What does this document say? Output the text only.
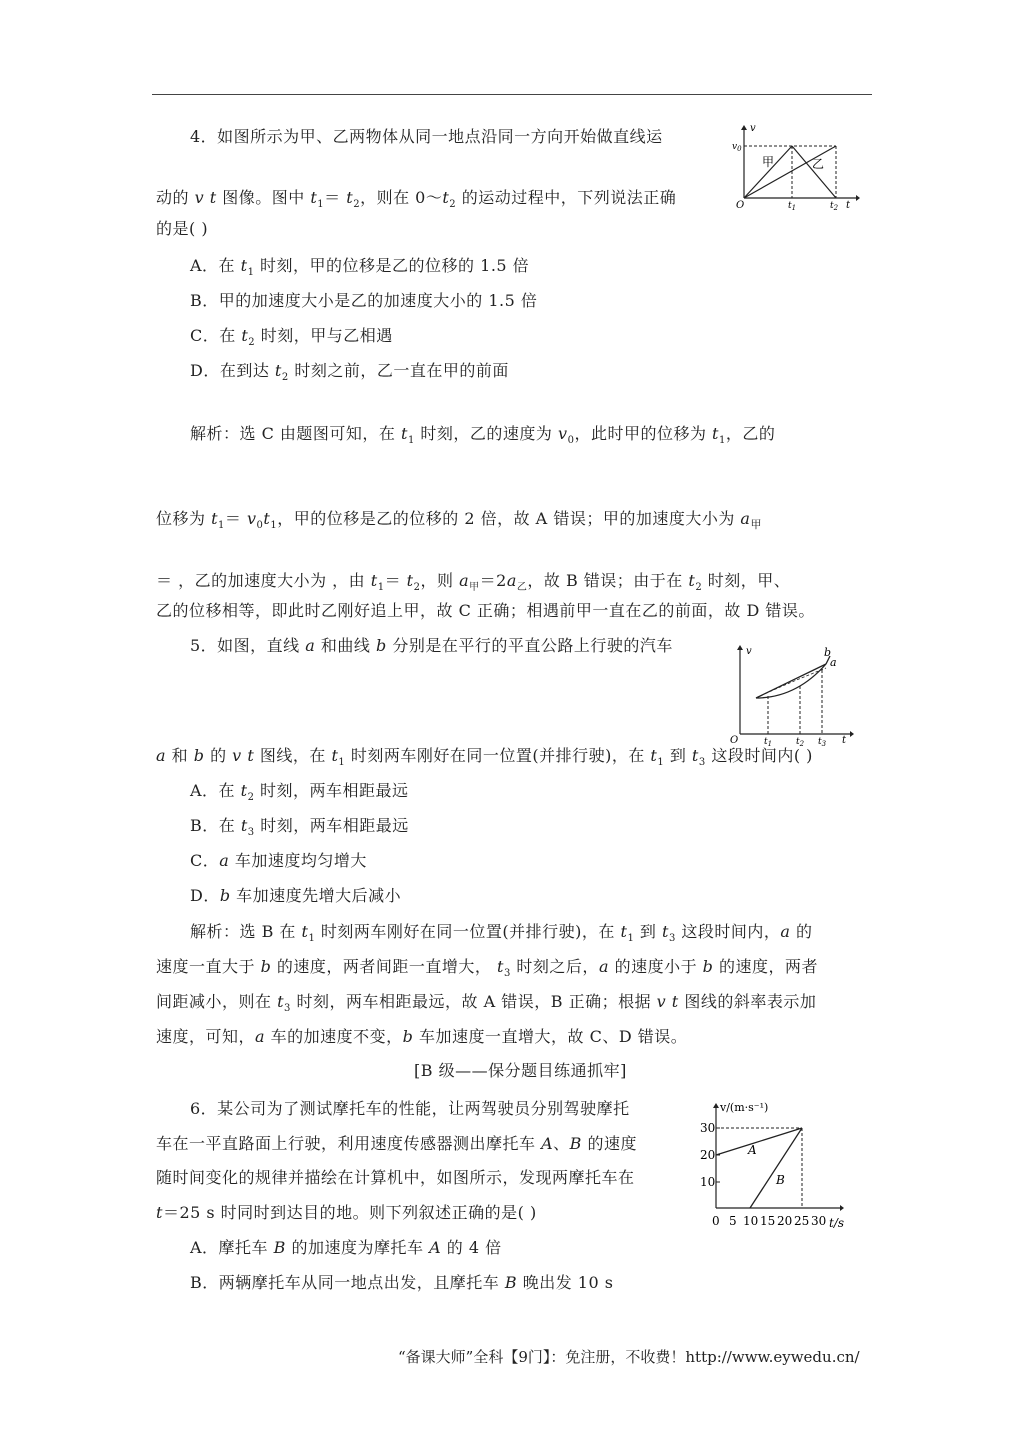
4．如图所示为甲、乙两物体从同一地点沿同一方向开始做直线运
动的 v t 图像。图中 $t_1= t_2$，则在 $0\sim t_2$ 的运动过程中，下列说法正确
的是( )
A．在 $t_1$ 时刻，甲的位移是乙的位移的 1.5 倍
B．甲的加速度大小是乙的加速度大小的 1.5 倍
C．在 $t_2$ 时刻，甲与乙相遇
D．在到达 $t_2$ 时刻之前，乙一直在甲的前面
解析：选 C 由题图可知，在 $t_1$ 时刻，乙的速度为 $v_0$，此时甲的位移为 $t_1$，乙的
位移为 $t_1= v_0t_1$，甲的位移是乙的位移的 2 倍，故 A 错误；甲的加速度大小为 $a_甲$
＝ ，乙的加速度大小为 ，由 $t_1= t_2$，则 $a_甲=2a_乙$，故 B 错误；由于在 $t_2$ 时刻，甲、
乙的位移相等，即此时乙刚好追上甲，故 C 正确；相遇前甲一直在乙的前面，故 D 错误。
v
$v_0$
甲	乙
O	$t_1$	$t_2$ t
5．如图，直线 a 和曲线 b 分别是在平行的平直公路上行驶的汽车
a 和 b 的 v t 图线，在 $t_1$ 时刻两车刚好在同一位置(并排行驶)，在 $t_1$ 到 $t_3$ 这段时间内( )
A．在 $t_2$ 时刻，两车相距最远
B．在 $t_3$ 时刻，两车相距最远
C．a 车加速度均匀增大
D．b 车加速度先增大后减小
解析：选 B 在 $t_1$ 时刻两车刚好在同一位置(并排行驶)，在 $t_1$ 到 $t_3$ 这段时间内，a 的
速度一直大于 b 的速度，两者间距一直增大， $t_3$ 时刻之后，a 的速度小于 b 的速度，两者
间距减小，则在 $t_3$ 时刻，两车相距最远，故 A 错误，B 正确；根据 v t 图线的斜率表示加
速度，可知，a 车的加速度不变，b 车加速度一直增大，故 C、D 错误。
v	b
a
O	$t_1$	$t_2$ $t_3$ t
[B 级——保分题目练通抓牢]
6．某公司为了测试摩托车的性能，让两驾驶员分别驾驶摩托
车在一平直路面上行驶，利用速度传感器测出摩托车 A、B 的速度
随时间变化的规律并描绘在计算机中，如图所示，发现两摩托车在
t＝25 s 时同时到达目的地。则下列叙述正确的是( )
A．摩托车 B 的加速度为摩托车 A 的 4 倍
B．两辆摩托车从同一地点出发，且摩托车 B 晚出发 10 s
v/(m·s⁻¹)
30
20
10
A
B
0 5 10 15 20 25 30 t/s
“备课大师”全科【9门】：免注册，不收费！http://www.eywedu.cn/
